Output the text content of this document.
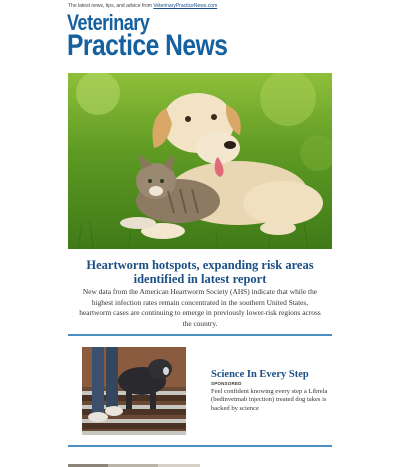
The latest news, tips, and advice from VeterinaryPracticeNews.com
Veterinary
Practice News
Heartworm hotspots, expanding risk areas identified in latest report
New data from the American Heartworm Society (AHS) indicate that while the highest infection rates remain concentrated in the southern United States, heartworm cases are continuing to emerge in previously lower-risk regions across the country.
Science In Every Step
SPONSORED
Feel confident knowing every step a Librela (bedinvetmab injection) treated dog takes is backed by science
